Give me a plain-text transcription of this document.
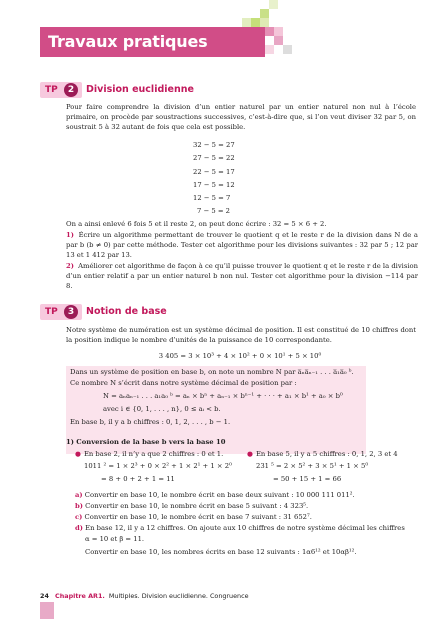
Travaux pratiques
TP	2	Division euclidienne
Pour faire comprendre la division d’un entier naturel par un entier naturel non nul à l’école primaire, on procède par soustractions successives, c’est-à-dire que, si l’on veut diviser 32 par 5, on soustrait 5 à 32 autant de fois que cela est possible.
32 − 5 = 27
27 − 5 = 22
22 − 5 = 17
17 − 5 = 12
12 − 5 = 7
7 − 5 = 2
On a ainsi enlevé 6 fois 5 et il reste 2, on peut donc écrire : 32 = 5 × 6 + 2.
1) Écrire un algorithme permettant de trouver le quotient q et le reste r de la division dans N de a par b (b ≠ 0) par cette méthode. Tester cet algorithme pour les divisions suivantes : 32 par 5 ; 12 par 13 et 1 412 par 13.
2) Améliorer cet algorithme de façon à ce qu’il puisse trouver le quotient q et le reste r de la division d’un entier relatif a par un entier naturel b non nul. Tester cet algorithme pour la division −114 par 8.
TP	3	Notion de base
Notre système de numération est un système décimal de position. Il est constitué de 10 chiffres dont la position indique le nombre d’unités de la puissance de 10 correspondante.
3 405 = 3 × 10³ + 4 × 10² + 0 × 10¹ + 5 × 10⁰
Dans un système de position en base b, on note un nombre N par a̅ₙa̅ₙ₋₁ . . . a̅₁a̅₀ ᵇ.
Ce nombre N s’écrit dans notre système décimal de position par :
N = aₙaₙ₋₁ . . . a₁a₀ ᵇ = aₙ × bⁿ + aₙ₋₁ × bⁿ⁻¹ + · · · + a₁ × b¹ + a₀ × b⁰
avec i ∈ {0, 1, . . . , n}, 0 ≤ aᵢ < b.
En base b, il y a b chiffres : 0, 1, 2, . . . , b − 1.
1) Conversion de la base b vers la base 10
● En base 2, il n’y a que 2 chiffres : 0 et 1.
1011 ² = 1 × 2³ + 0 × 2² + 1 × 2¹ + 1 × 2⁰
= 8 + 0 + 2 + 1 = 11
● En base 5, il y a 5 chiffres : 0, 1, 2, 3 et 4
231 ⁵ = 2 × 5² + 3 × 5¹ + 1 × 5⁰
= 50 + 15 + 1 = 66
a) Convertir en base 10, le nombre écrit en base deux suivant : 10 000 111 011².
b) Convertir en base 10, le nombre écrit en base 5 suivant : 4 323⁵.
c) Convertir en base 10, le nombre écrit en base 7 suivant : 31 652⁷.
d) En base 12, il y a 12 chiffres. On ajoute aux 10 chiffres de notre système décimal les chiffres
α = 10 et β = 11.
Convertir en base 10, les nombres écrits en base 12 suivants : 1α6¹² et 10αβ¹².
24 Chapitre AR1. Multiples. Division euclidienne. Congruence
